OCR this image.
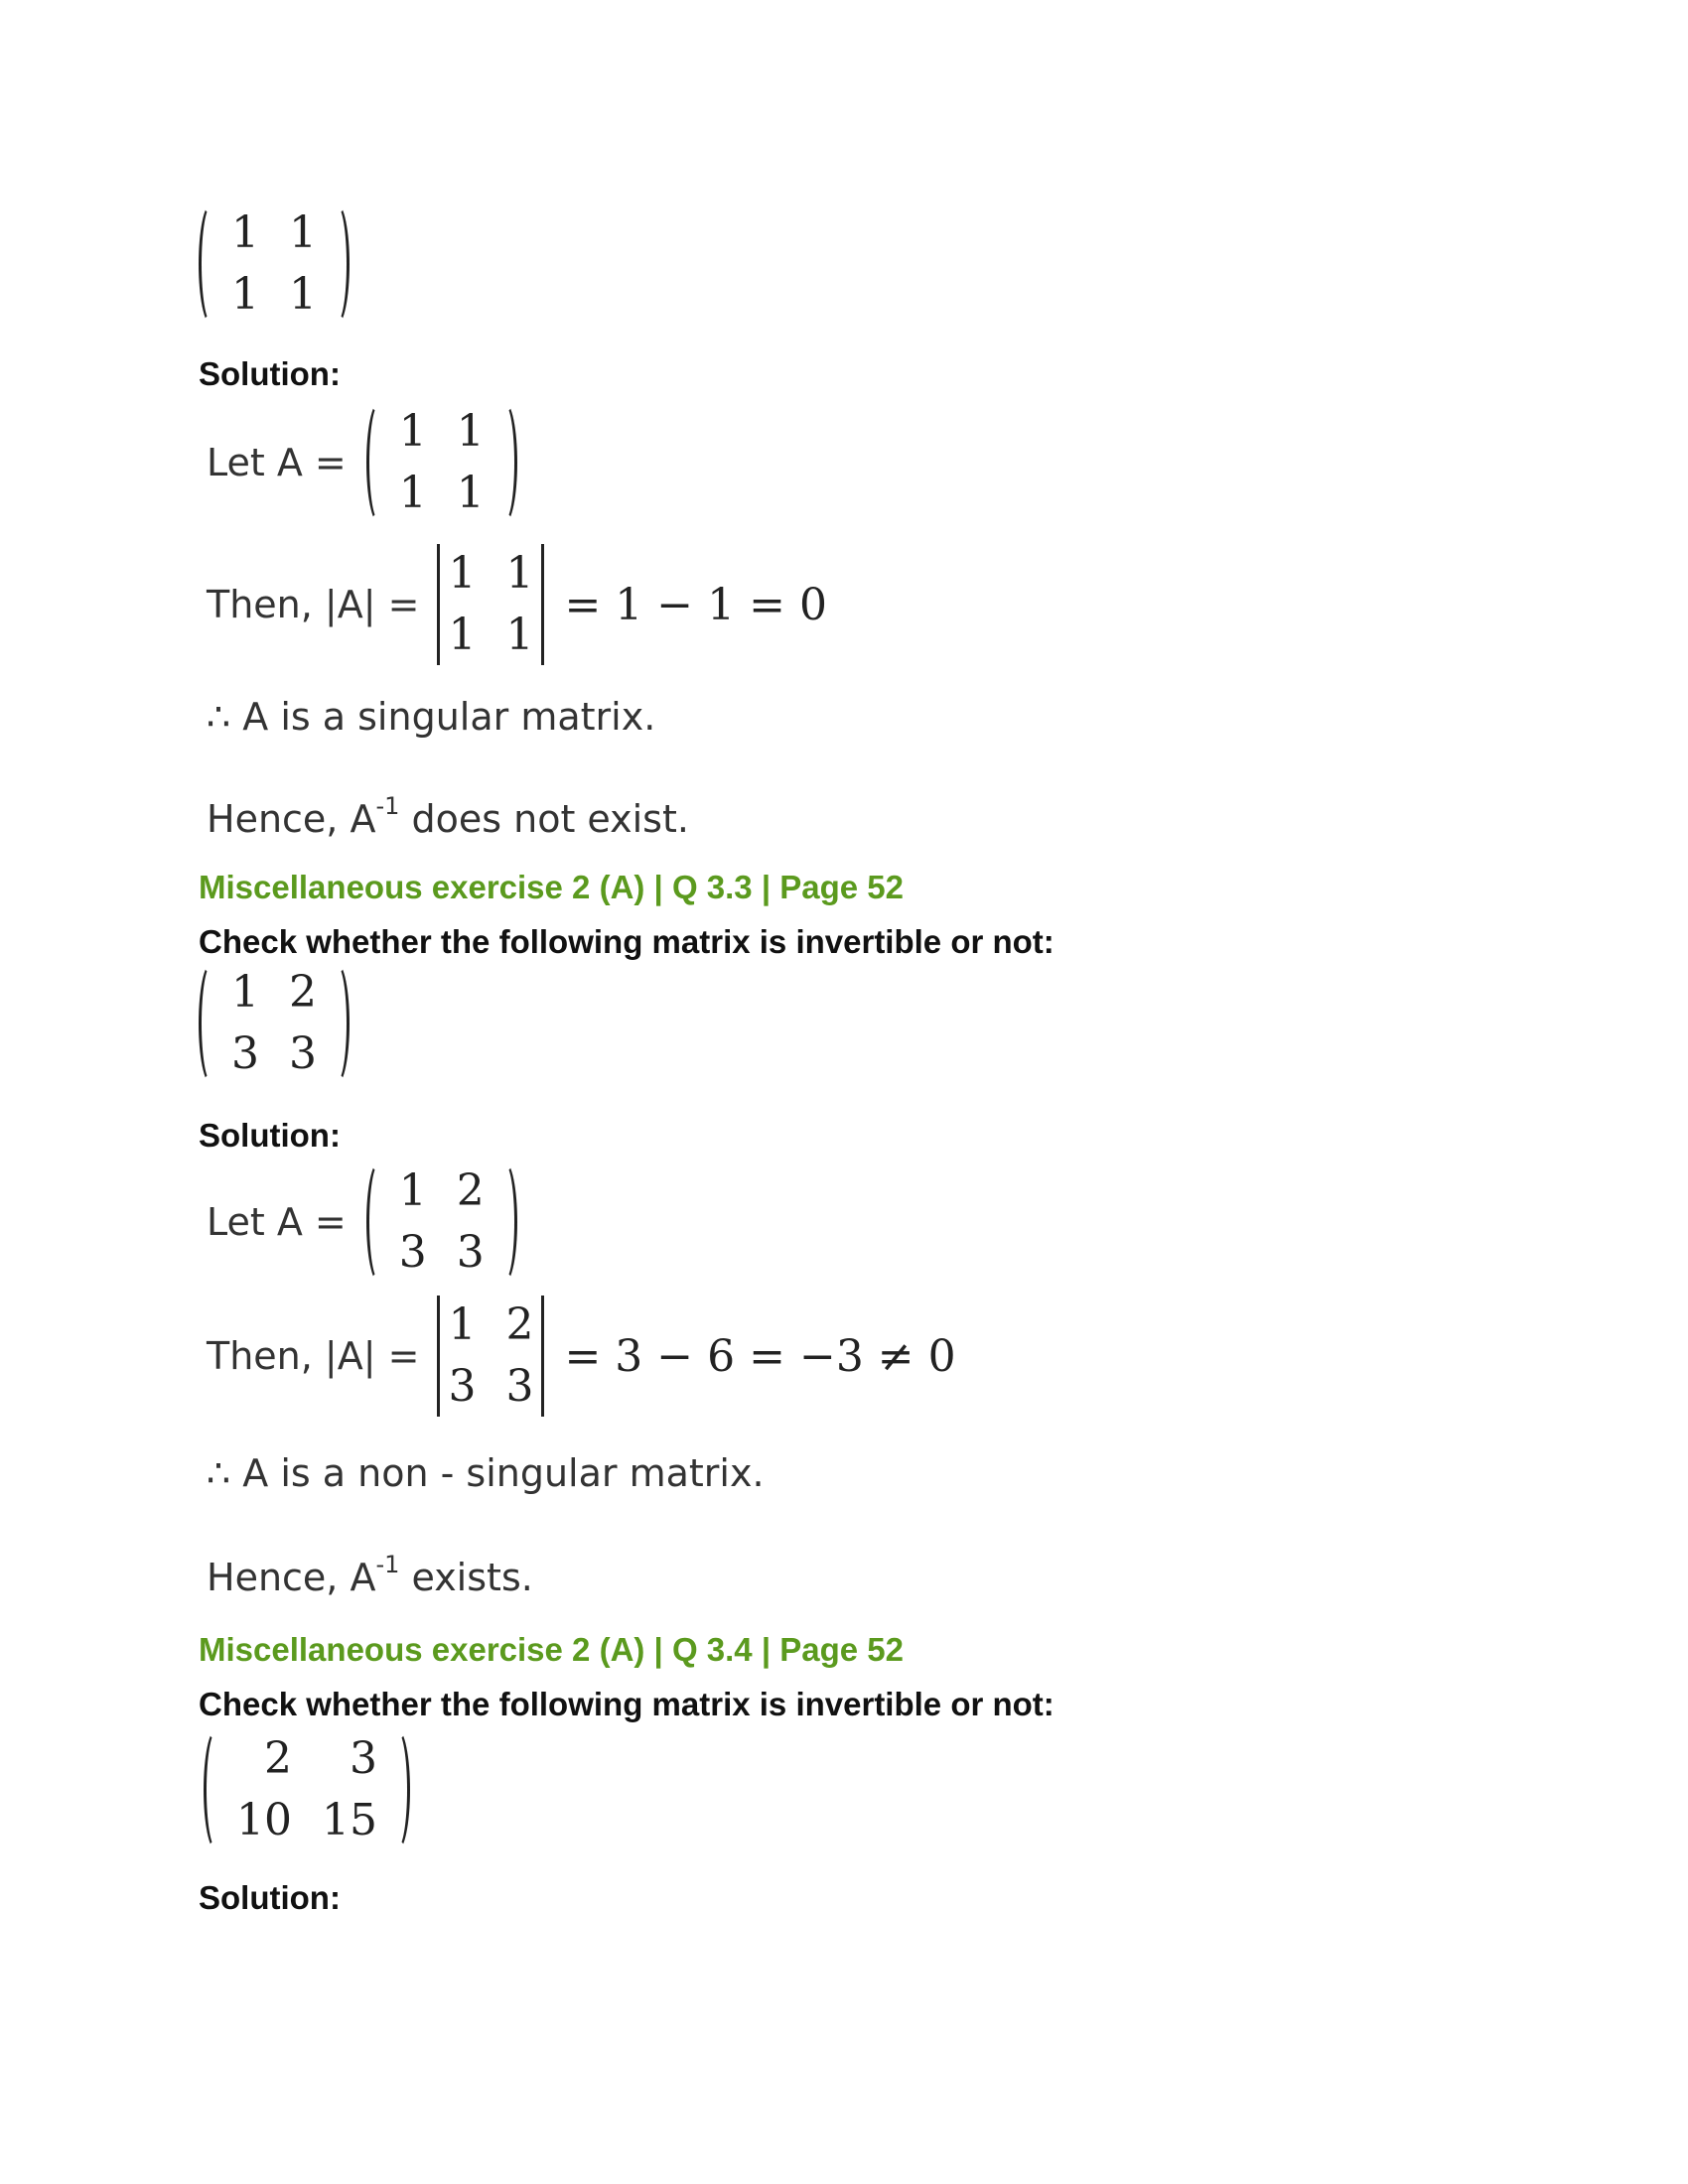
1 1
1 1
Solution:
Let A =
1 1
1 1
Then, |A| =
1 1
1 1
= 1 − 1 = 0
∴ A is a singular matrix.
Hence, $A^{-1}$ does not exist.
Miscellaneous exercise 2 (A) | Q 3.3 | Page 52
Check whether the following matrix is invertible or not:
1 2
3 3
Solution:
Let A =
1 2
3 3
Then, |A| =
1 2
3 3
= 3 − 6 = −3 ≠ 0
∴ A is a non - singular matrix.
Hence, $A^{-1}$ exists.
Miscellaneous exercise 2 (A) | Q 3.4 | Page 52
Check whether the following matrix is invertible or not:
2 3
10 15
Solution:
